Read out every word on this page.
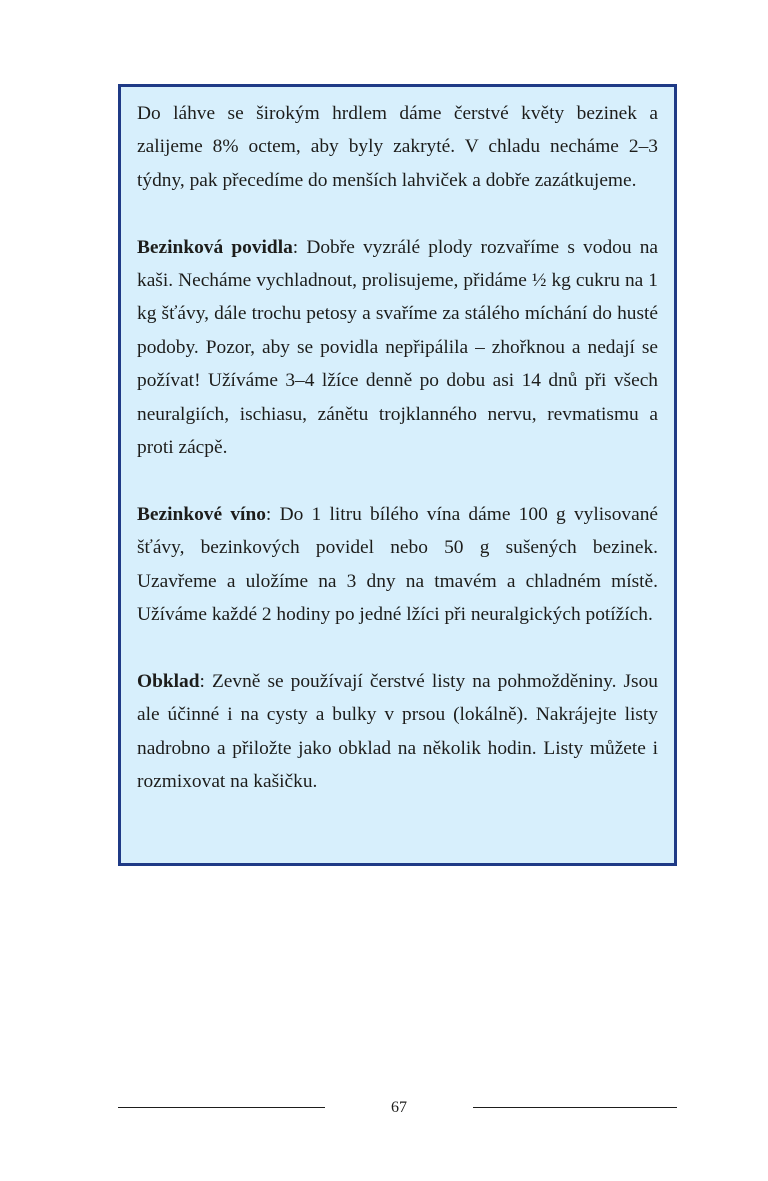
Do láhve se širokým hrdlem dáme čerstvé květy bezinek a zalijeme 8% octem, aby byly zakryté. V chladu necháme 2–3 týdny, pak přecedíme do menších lahviček a dobře zazátkujeme.

Bezinková povidla: Dobře vyzrálé plody rozvaříme s vodou na kaši. Necháme vychladnout, prolisujeme, přidáme ½ kg cukru na 1 kg šťávy, dále trochu petosy a svaříme za stálého míchání do husté podoby. Pozor, aby se povidla nepřipálila – zhořknou a nedají se požívat! Užíváme 3–4 lžíce denně po dobu asi 14 dnů při všech neuralgiích, ischiasu, zánětu trojklanného nervu, revmatismu a proti zácpě.

Bezinkové víno: Do 1 litru bílého vína dáme 100 g vylisované šťávy, bezinkových povidel nebo 50 g sušených bezinek. Uzavřeme a uložíme na 3 dny na tmavém a chladném místě. Užíváme každé 2 hodiny po jedné lžíci při neuralgických potížích.

Obklad: Zevně se používají čerstvé listy na pohmožděniny. Jsou ale účinné i na cysty a bulky v prsou (lokálně). Nakrájejte listy nadrobno a přiložte jako obklad na několik hodin. Listy můžete i rozmixovat na kašičku.

67
